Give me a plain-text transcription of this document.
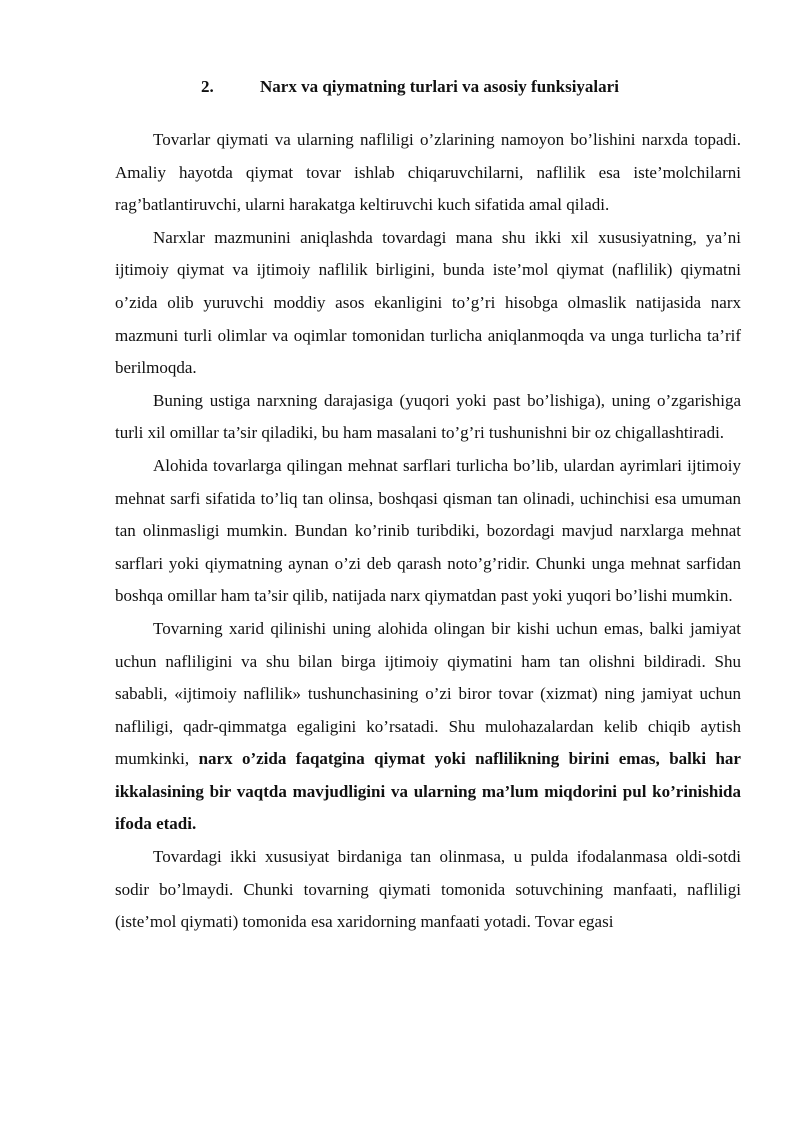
2.	Narx va qiymatning turlari va asosiy funksiyalari

Tovarlar qiymati va ularning nafliligi o’zlarining namoyon bo’lishini narxda topadi. Amaliy hayotda qiymat tovar ishlab chiqaruvchilarni, naflilik esa iste’molchilarni rag’batlantiruvchi, ularni harakatga keltiruvchi kuch sifatida amal qiladi.

Narxlar mazmunini aniqlashda tovardagi mana shu ikki xil xususiyatning, ya’ni ijtimoiy qiymat va ijtimoiy naflilik birligini, bunda iste’mol qiymat (naflilik) qiymatni o’zida olib yuruvchi moddiy asos ekanligini to’g’ri hisobga olmaslik natijasida narx mazmuni turli olimlar va oqimlar tomonidan turlicha aniqlanmoqda va unga turlicha ta’rif berilmoqda.

Buning ustiga narxning darajasiga (yuqori yoki past bo’lishiga), uning o’zgarishiga turli xil omillar ta’sir qiladiki, bu ham masalani to’g’ri tushunishni bir oz chigallashtiradi.

Alohida tovarlarga qilingan mehnat sarflari turlicha bo’lib, ulardan ayrimlari ijtimoiy mehnat sarfi sifatida to’liq tan olinsa, boshqasi qisman tan olinadi, uchinchisi esa umuman tan olinmasligi mumkin. Bundan ko’rinib turibdiki, bozordagi mavjud narxlarga mehnat sarflari yoki qiymatning aynan o’zi deb qarash noto’g’ridir. Chunki unga mehnat sarfidan boshqa omillar ham ta’sir qilib, natijada narx qiymatdan past yoki yuqori bo’lishi mumkin.

Tovarning xarid qilinishi uning alohida olingan bir kishi uchun emas, balki jamiyat uchun nafliligini va shu bilan birga ijtimoiy qiymatini ham tan olishni bildiradi. Shu sababli, «ijtimoiy naflilik» tushunchasining o’zi biror tovar (xizmat) ning jamiyat uchun nafliligi, qadr-qimmatga egaligini ko’rsatadi. Shu mulohazalardan kelib chiqib aytish mumkinki, narx o’zida faqatgina qiymat yoki naflilikning birini emas, balki har ikkalasining bir vaqtda mavjudligini va ularning ma’lum miqdorini pul ko’rinishida ifoda etadi.

Tovardagi ikki xususiyat birdaniga tan olinmasa, u pulda ifodalanmasa oldi-sotdi sodir bo’lmaydi. Chunki tovarning qiymati tomonida sotuvchining manfaati, nafliligi (iste’mol qiymati) tomonida esa xaridorning manfaati yotadi. Tovar egasi
